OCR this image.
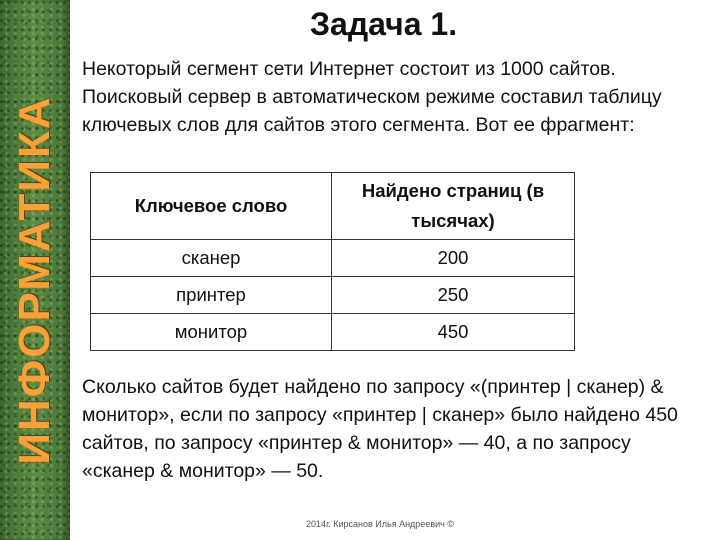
ИНФОРМАТИКА
Задача 1.

Некоторый сегмент сети Интернет состоит из 1000 сайтов. Поисковый сервер в автоматическом режиме составил таблицу ключевых слов для сайтов этого сегмента. Вот ее фрагмент:

Ключевое слово	Найдено страниц (в тысячах)
сканер	200
принтер	250
монитор	450

Сколько сайтов будет найдено по запросу «(принтер | сканер) & монитор», если по запросу «принтер | сканер» было найдено 450 сайтов, по запросу «принтер & монитор» — 40, а по запросу «сканер & монитор» — 50.

2014г. Кирсанов Илья Андреевич ©
